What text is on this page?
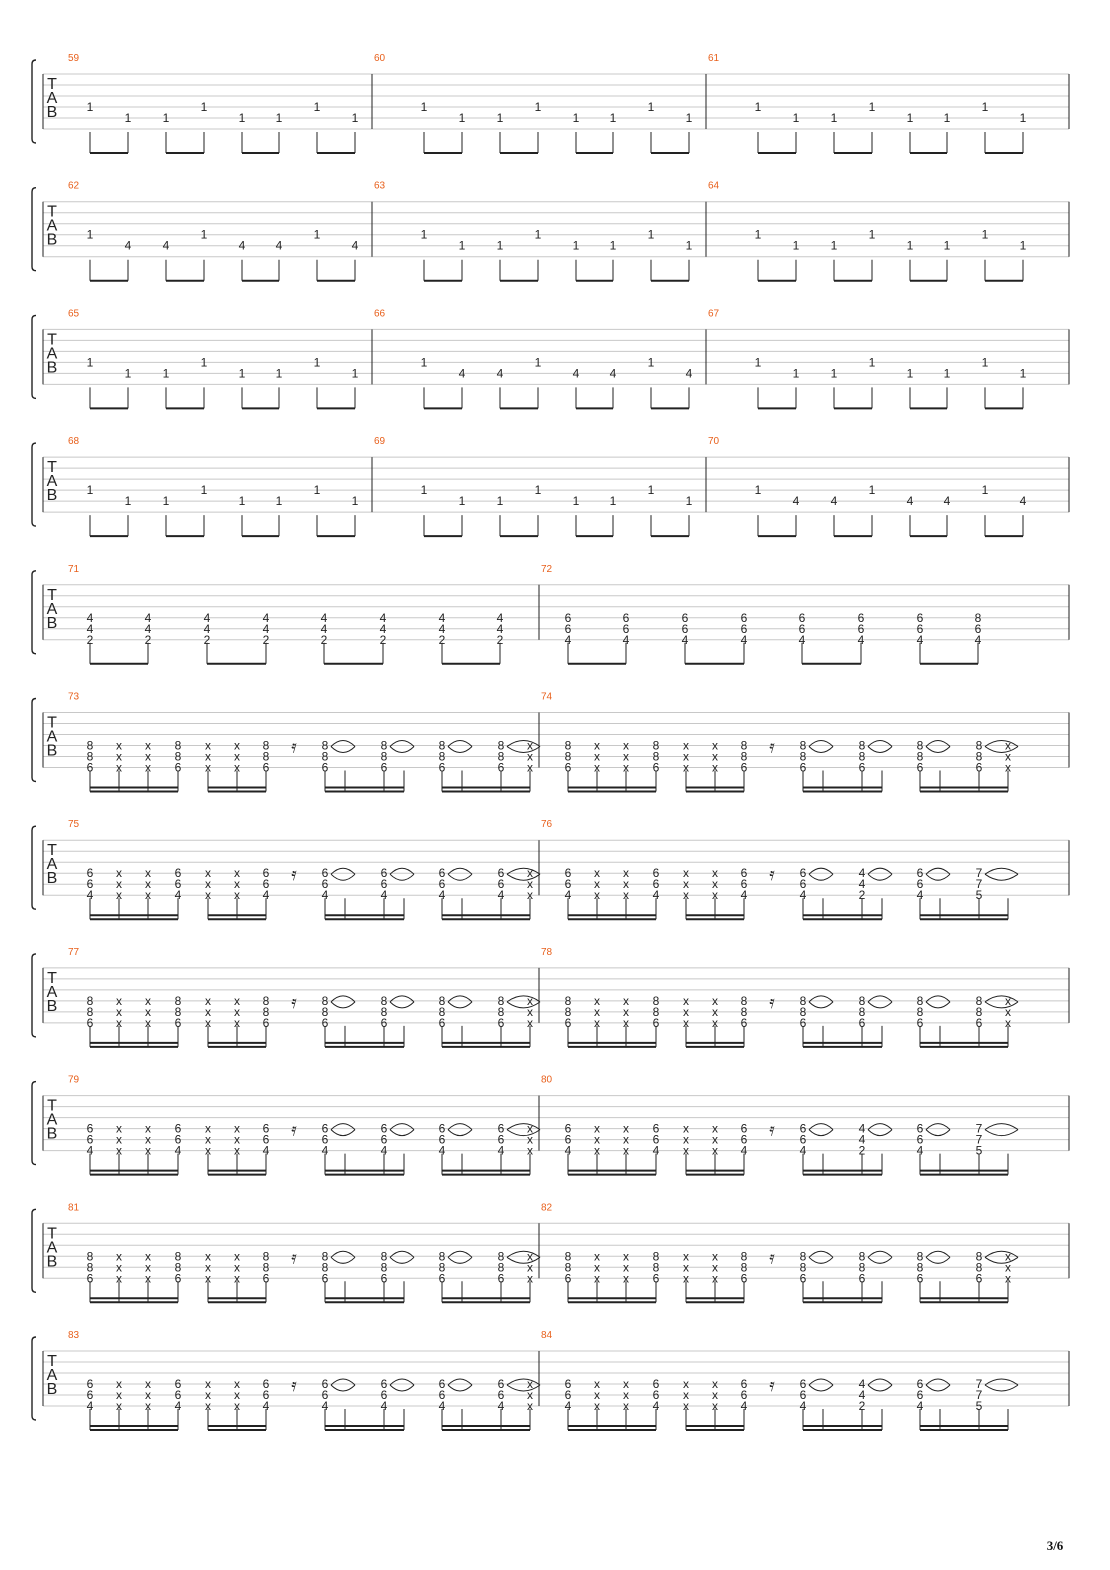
T
A
B
59
1
1	1
1
1	1
1
1
60
1
1	1
1
1	1
1
1
61
1
1	1
1
1	1
1
1
T
A
B
62
1
4	4
1
4	4
1
4
63
1
1	1
1
1	1
1
1
64
1
1	1
1
1	1
1
1
T
A
B
65
1
1	1
1
1	1
1
1
66
1
4	4
1
4	4
1
4
67
1
1	1
1
1	1
1
1
T
A
B
68
1
1	1
1
1	1
1
1
69
1
1	1
1
1	1
1
1
70
1
4	4
1
4	4
1
4
T
A
B
71
4
4
2
4
4
2
4
4
2
4
4
2
4
4
2
4
4
2
4
4
2
4
4
2
72
6
6
4
6
6
4
6
6
4
6
6
4
6
6
4
6
6
4
6
6
4
8
6
4
T
A
B
73
8
8
6
x
x
x
x
x
x
8
8
6
x
x
x
x
x
x
8
8
6
8
8
6
8
8
6
8
8
6
8
8
6
x
x
x
𝄿
74
8
8
6
x
x
x
x
x
x
8
8
6
x
x
x
x
x
x
8
8
6
8
8
6
8
8
6
8
8
6
8
8
6
x
x
x
𝄿
T
A
B
75
6
6
4
x
x
x
x
x
x
6
6
4
x
x
x
x
x
x
6
6
4
6
6
4
6
6
4
6
6
4
6
6
4
x
x
x
𝄿
76
6
6
4
x
x
x
x
x
x
6
6
4
x
x
x
x
x
x
6
6
4
6
6
4
4
4
2
6
6
4
7
7
5
𝄿
T
A
B
77
8
8
6
x
x
x
x
x
x
8
8
6
x
x
x
x
x
x
8
8
6
8
8
6
8
8
6
8
8
6
8
8
6
x
x
x
𝄿
78
8
8
6
x
x
x
x
x
x
8
8
6
x
x
x
x
x
x
8
8
6
8
8
6
8
8
6
8
8
6
8
8
6
x
x
x
𝄿
T
A
B
79
6
6
4
x
x
x
x
x
x
6
6
4
x
x
x
x
x
x
6
6
4
6
6
4
6
6
4
6
6
4
6
6
4
x
x
x
𝄿
80
6
6
4
x
x
x
x
x
x
6
6
4
x
x
x
x
x
x
6
6
4
6
6
4
4
4
2
6
6
4
7
7
5
𝄿
T
A
B
81
8
8
6
x
x
x
x
x
x
8
8
6
x
x
x
x
x
x
8
8
6
8
8
6
8
8
6
8
8
6
8
8
6
x
x
x
𝄿
82
8
8
6
x
x
x
x
x
x
8
8
6
x
x
x
x
x
x
8
8
6
8
8
6
8
8
6
8
8
6
8
8
6
x
x
x
𝄿
T
A
B
83
6
6
4
x
x
x
x
x
x
6
6
4
x
x
x
x
x
x
6
6
4
6
6
4
6
6
4
6
6
4
6
6
4
x
x
x
𝄿
84
6
6
4
x
x
x
x
x
x
6
6
4
x
x
x
x
x
x
6
6
4
6
6
4
4
4
2
6
6
4
7
7
5
𝄿
3/6
